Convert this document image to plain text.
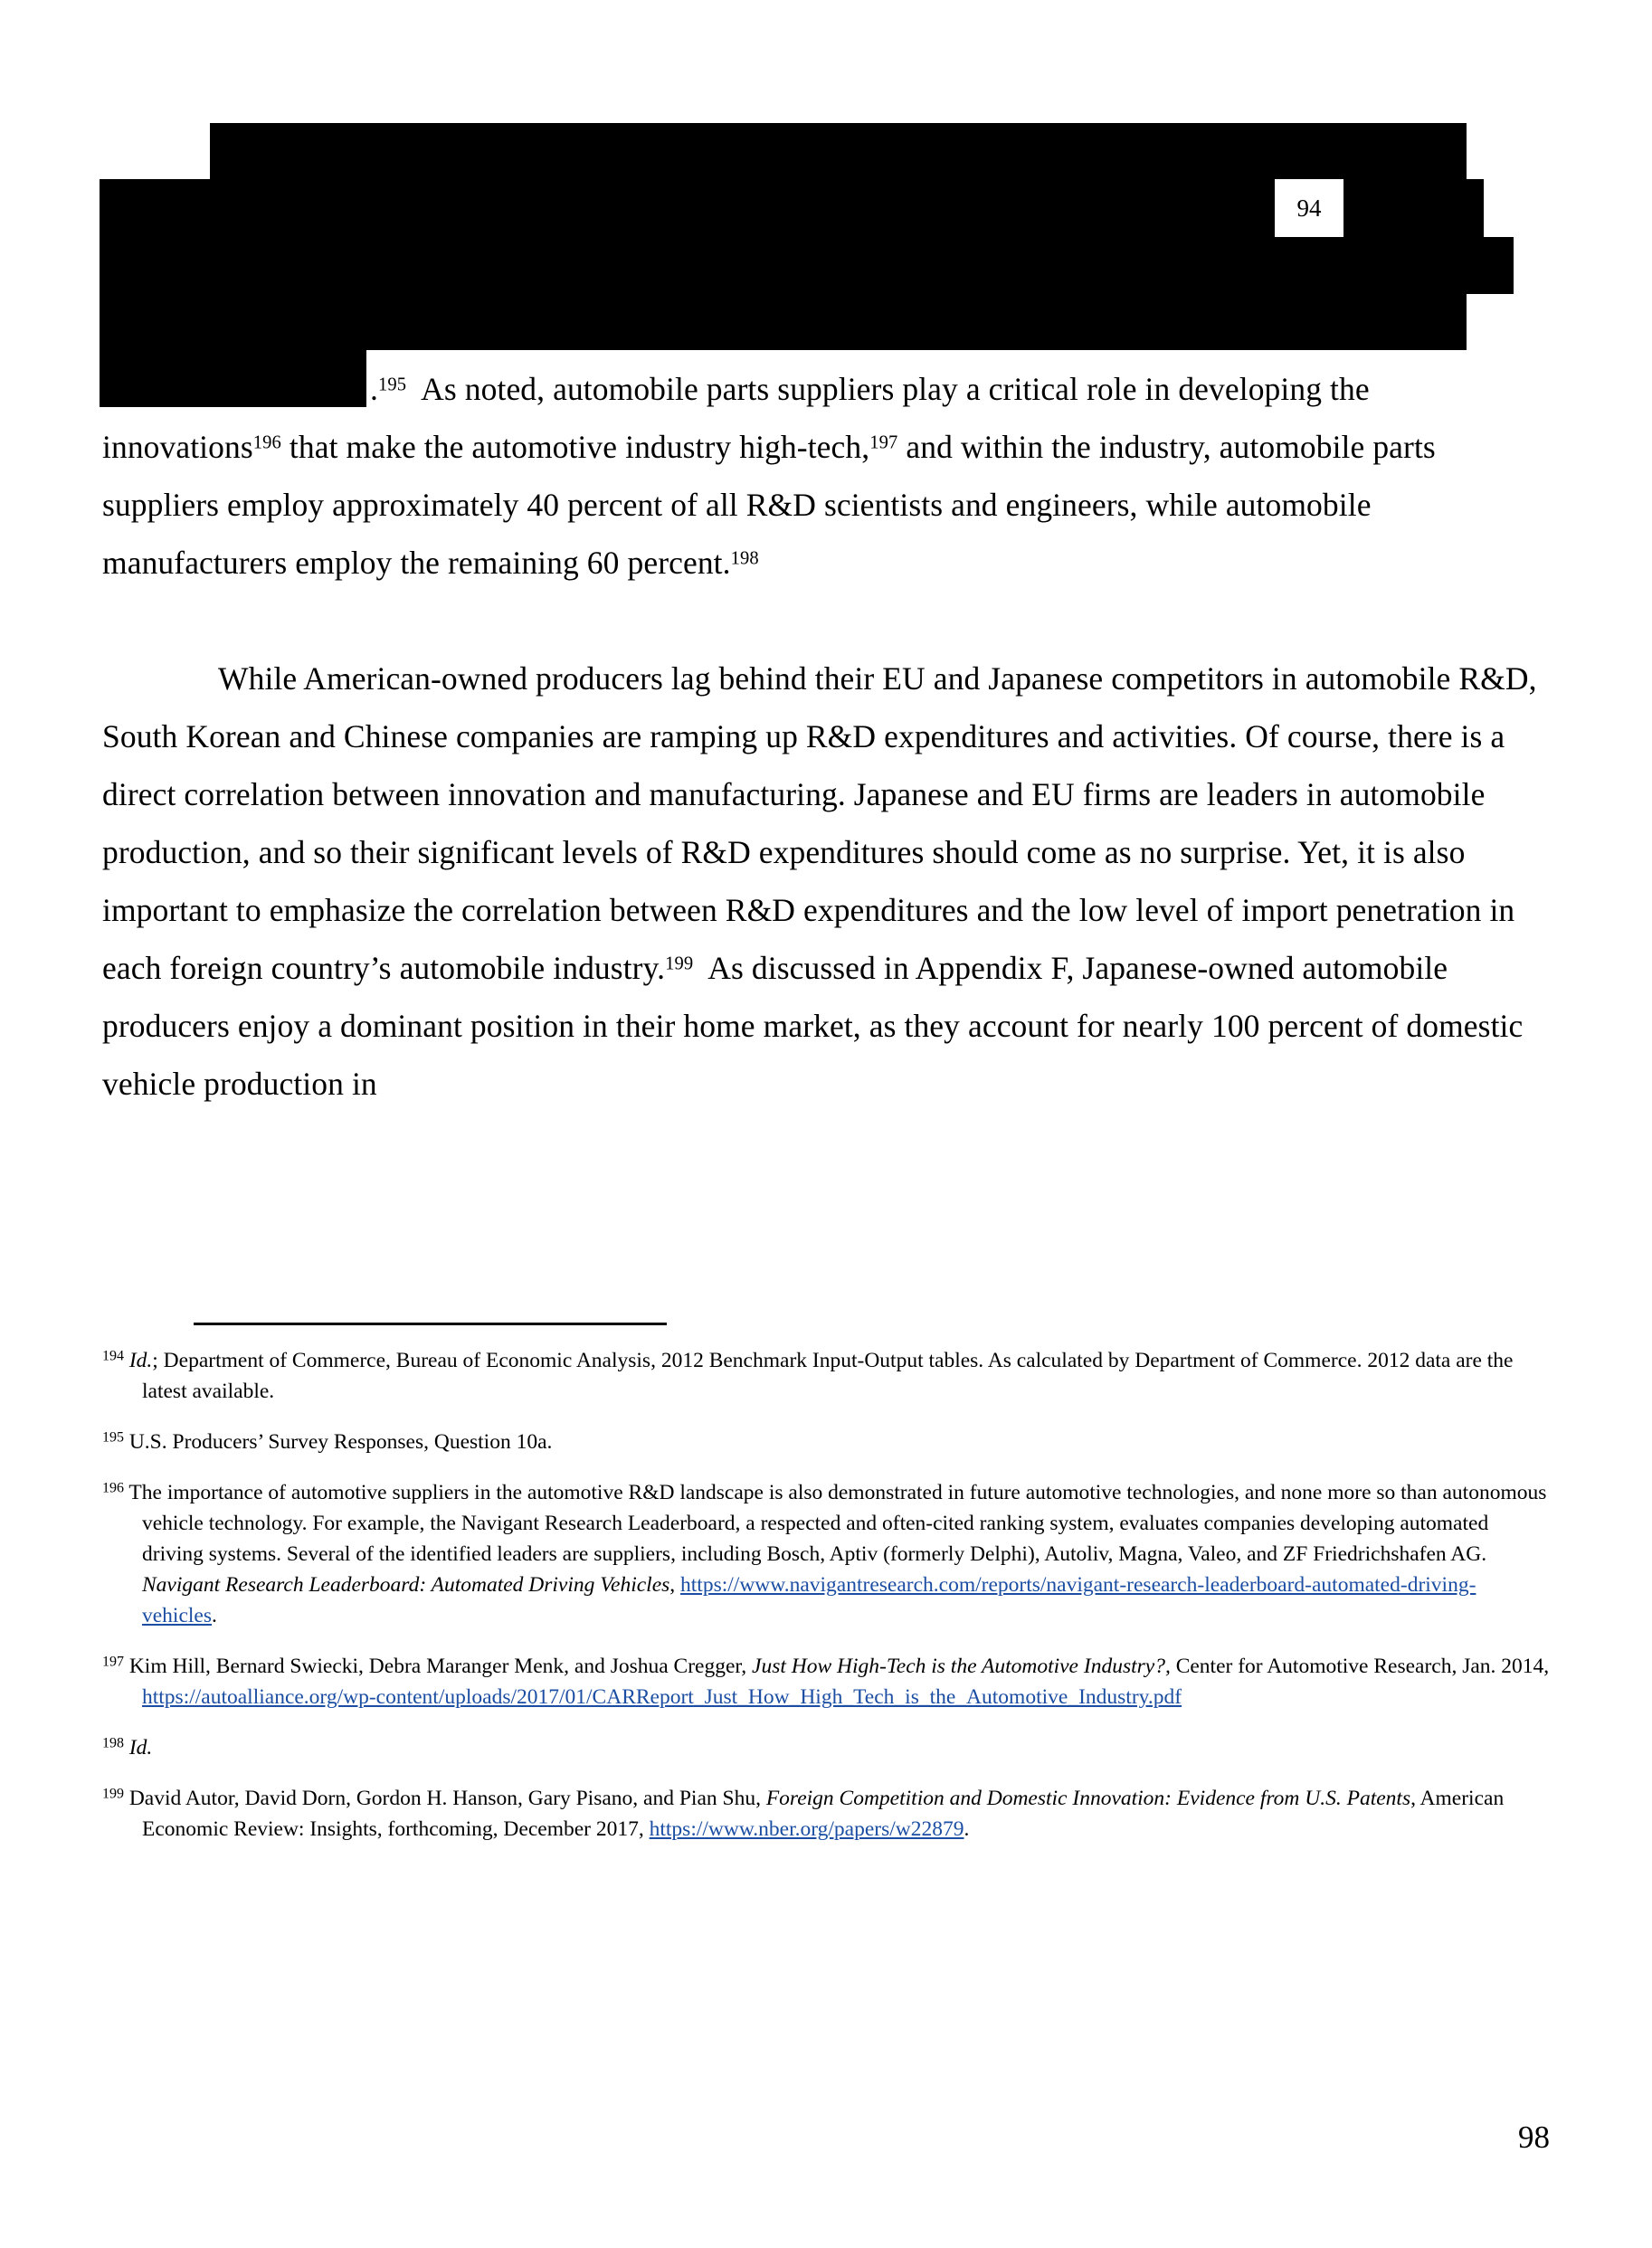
94

.$^{195}$ As noted, automobile parts suppliers play a critical role in developing the innovations$^{196}$ that make the automotive industry high-tech,$^{197}$ and within the industry, automobile parts suppliers employ approximately 40 percent of all R&D scientists and engineers, while automobile manufacturers employ the remaining 60 percent.$^{198}$

While American-owned producers lag behind their EU and Japanese competitors in automobile R&D, South Korean and Chinese companies are ramping up R&D expenditures and activities. Of course, there is a direct correlation between innovation and manufacturing. Japanese and EU firms are leaders in automobile production, and so their significant levels of R&D expenditures should come as no surprise. Yet, it is also important to emphasize the correlation between R&D expenditures and the low level of import penetration in each foreign country’s automobile industry.$^{199}$ As discussed in Appendix F, Japanese-owned automobile producers enjoy a dominant position in their home market, as they account for nearly 100 percent of domestic vehicle production in

$^{194}$ Id.; Department of Commerce, Bureau of Economic Analysis, 2012 Benchmark Input-Output tables. As calculated by Department of Commerce. 2012 data are the latest available.

$^{195}$ U.S. Producers’ Survey Responses, Question 10a.

$^{196}$ The importance of automotive suppliers in the automotive R&D landscape is also demonstrated in future automotive technologies, and none more so than autonomous vehicle technology. For example, the Navigant Research Leaderboard, a respected and often-cited ranking system, evaluates companies developing automated driving systems. Several of the identified leaders are suppliers, including Bosch, Aptiv (formerly Delphi), Autoliv, Magna, Valeo, and ZF Friedrichshafen AG. Navigant Research Leaderboard: Automated Driving Vehicles, https://www.navigantresearch.com/reports/navigant-research-leaderboard-automated-driving-vehicles.

$^{197}$ Kim Hill, Bernard Swiecki, Debra Maranger Menk, and Joshua Cregger, Just How High-Tech is the Automotive Industry?, Center for Automotive Research, Jan. 2014, https://autoalliance.org/wp-content/uploads/2017/01/CARReport_Just_How_High_Tech_is_the_Automotive_Industry.pdf

$^{198}$ Id.

$^{199}$ David Autor, David Dorn, Gordon H. Hanson, Gary Pisano, and Pian Shu, Foreign Competition and Domestic Innovation: Evidence from U.S. Patents, American Economic Review: Insights, forthcoming, December 2017, https://www.nber.org/papers/w22879.

98
